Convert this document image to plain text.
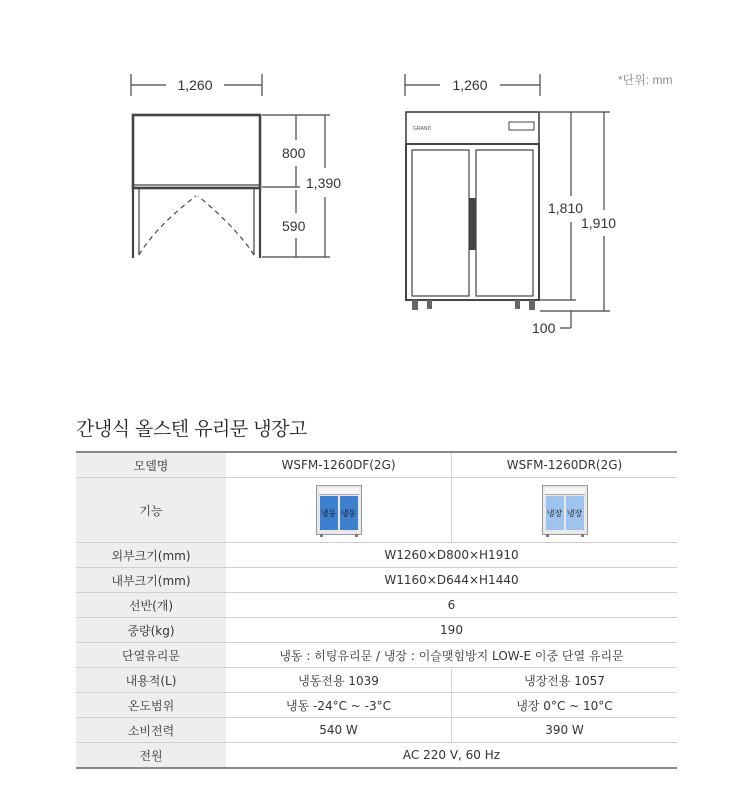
1,260
800
1,390
590
1,260
GRAND
1,810
1,910
100
*단위: mm
간냉식 올스텐 유리문 냉장고
모델명	WSFM-1260DF(2G)	WSFM-1260DR(2G)
기능	냉동 냉동	냉장 냉장

외부크기(mm)	W1260×D800×H1910	
내부크기(mm)	W1160×D644×H1440	
선반(개)	6	
중량(kg)	190	
단열유리문	냉동 : 히팅유리문 / 냉장 : 이슬맺힘방지 LOW-E 이중 단열 유리문	
내용적(L)	냉동전용 1039	냉장전용 1057
온도범위	냉동 -24°C ~ -3°C	냉장 0°C ~ 10°C
소비전력	540 W	390 W
전원	AC 220 V, 60 Hz	
